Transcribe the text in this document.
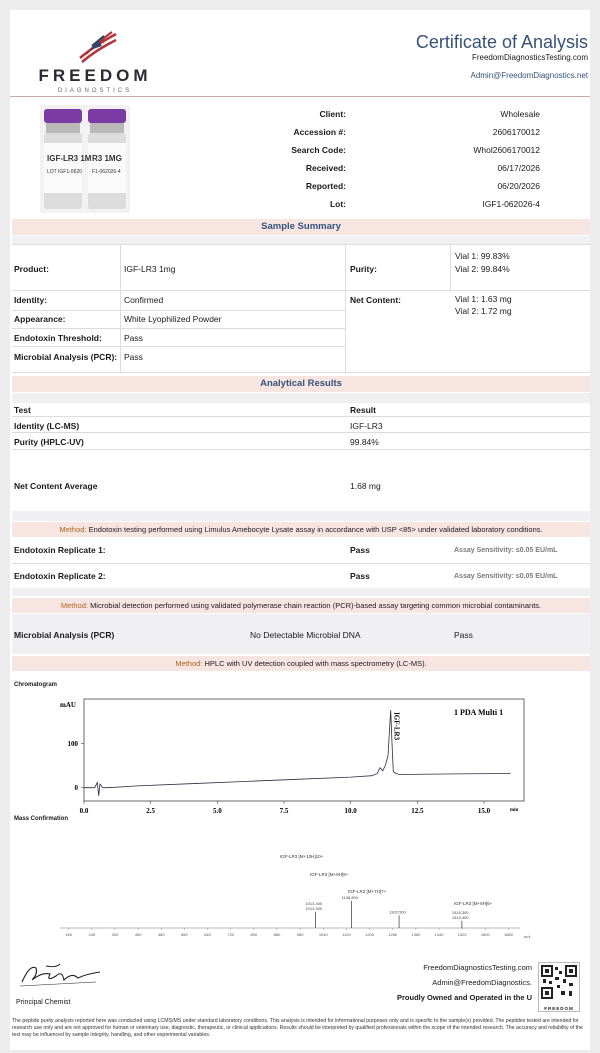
FREEDOM
DIAGNOSTICS
Certificate of Analysis
FreedomDiagnosticsTesting.com
Admin@FreedomDiagnostics.net
IGF-LR3 1M
LOT IGF1-0620
R3 1MG
F1-062026-4
Client:	Wholesale
Accession #:	2606170012
Search Code:	Whol2606170012
Received:	06/17/2026
Reported:	06/20/2026
Lot:	IGF1-062026-4
Sample Summary
Product:	IGF-LR3 1mg	Purity:
Vial 1: 99.83%
Vial 2: 99.84%
Identity:	Confirmed	Net Content:	Vial 1: 1.63 mg
Vial 2: 1.72 mg
Appearance:	White Lyophilized Powder
Endotoxin Threshold:	Pass
Microbial Analysis (PCR): Pass
Analytical Results
Test	Result
Identity (LC-MS)	IGF-LR3
Purity (HPLC-UV)	99.84%
Net Content Average	1.68 mg
Method: Endotoxin testing performed using Limulus Amebocyte Lysate assay in accordance with USP <85> under validated laboratory conditions.
Endotoxin Replicate 1:	Pass	Assay Sensitivity: ≤0.05 EU/mL
Endotoxin Replicate 2:	Pass	Assay Sensitivity: ≤0.05 EU/mL
Method: Microbial detection performed using validated polymerase chain reaction (PCR)-based assay targeting common microbial contaminants.
Microbial Analysis (PCR)	No Detectable Microbial DNA	Pass
Method: HPLC with UV detection coupled with mass spectrometry (LC-MS).
Chromatogram
0.0	2.5	5.0	7.5	10.0	12.5	15.0
0
100
IGF-LR3
mAU
min
1 PDA Multi 1
Mass Confirmation
160	240	320	400	480	560	640	720	800	880	960	1040	1120	1200	1280	1360	1440	1520	1600	1680
1013.400
1013.300
1138.800
1302.500	1518.300
1519.400
m/z
IGF-LR3 [M+10H]10+
IGF-LR3 [M+9H]9+
IGF-LR3 [M+7H]7+
IGF-LR3 [M+6H]6+
Principal Chemist
FreedomDiagnosticsTesting.com
Admin@FreedomDiagnostics.
Proudly Owned and Operated in the U
FREEDOM
The peptide purity analysis reported here was conducted using LCMS/MS under standard laboratory conditions. This analysis is intended for informational purposes only and is specific to the sample(s) provided. The peptides tested are intended for research use only and are not approved for human or veterinary use, diagnostic, therapeutic, or clinical applications. Results should be interpreted by qualified professionals within the scope of the intended research. The accuracy and reliability of the test may be influenced by sample integrity, handling, and other experimental variables.
